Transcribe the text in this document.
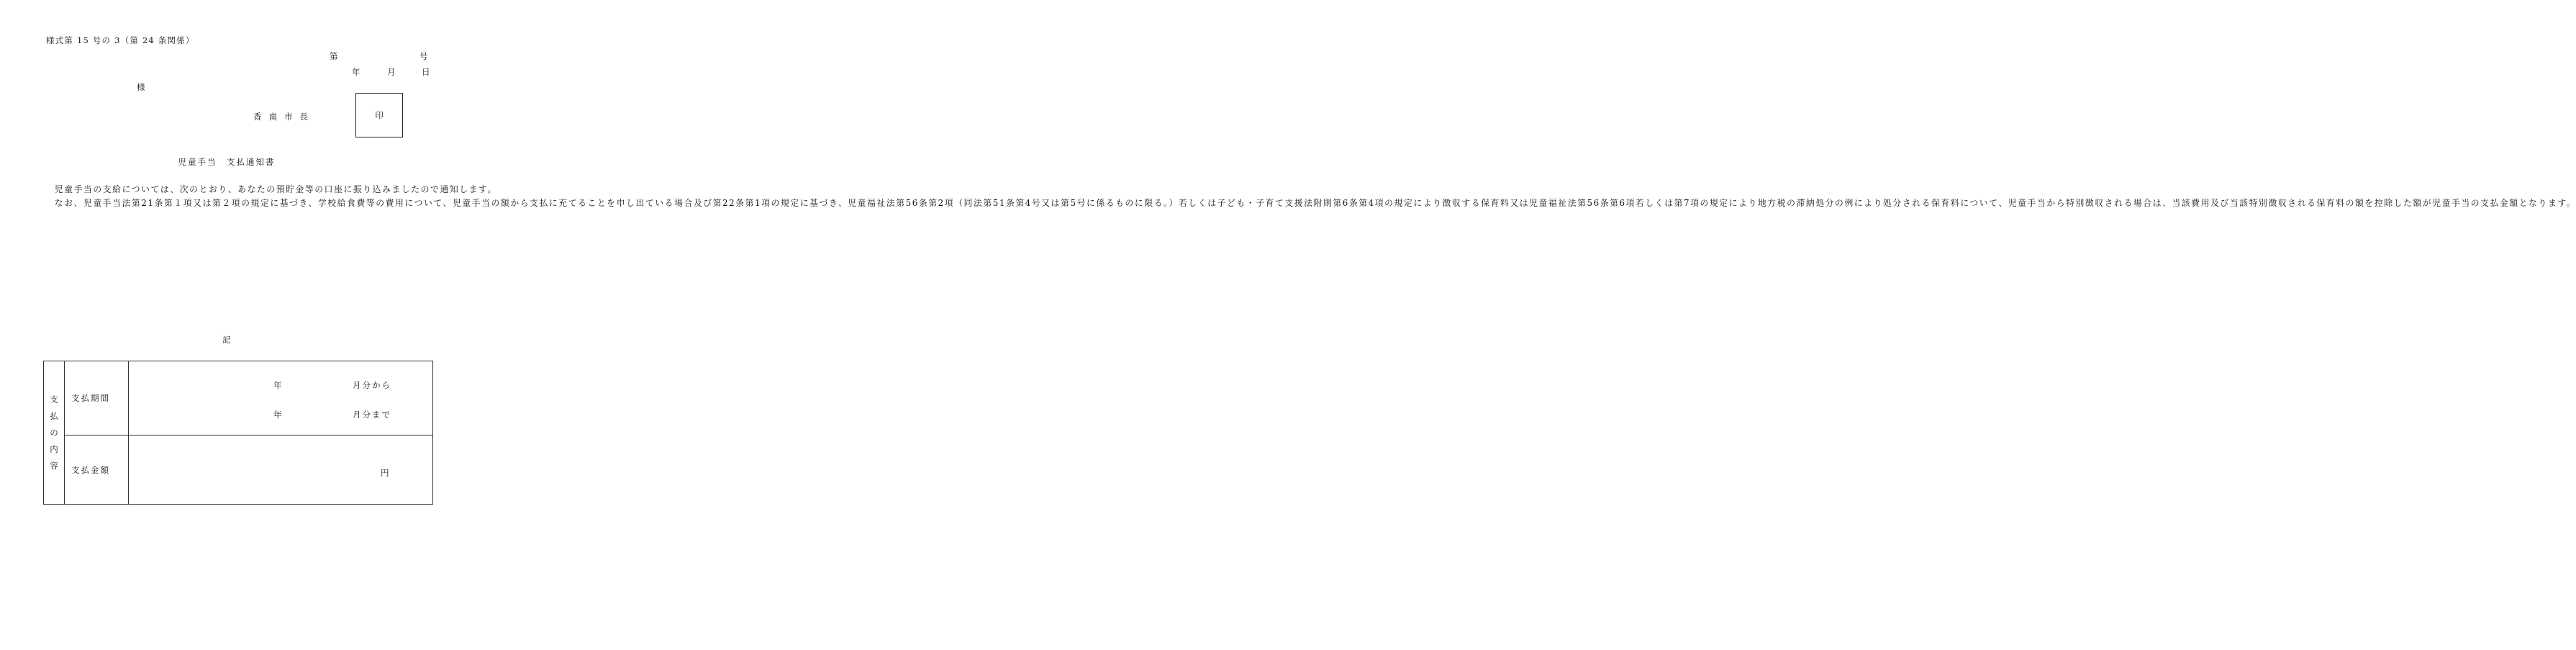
様式第 15 号の 3（第 24 条関係）
第	号
年	月	日
様
香南市長	印
児童手当　支払通知書

児童手当の支給については、次のとおり、あなたの預貯金等の口座に振り込みましたので通知します。

なお、児童手当法第21条第１項又は第２項の規定に基づき、学校給食費等の費用について、児童手当の額から支払に充てることを申し出ている場合及び第22条第1項の規定に基づき、児童福祉法第56条第2項（同法第51条第4号又は第5号に係るものに限る。）若しくは子ども・子育て支援法附則第6条第4項の規定により徴収する保育料又は児童福祉法第56条第6項若しくは第7項の規定により地方税の滞納処分の例により処分される保育料について、児童手当から特別徴収される場合は、当該費用及び当該特別徴収される保育料の額を控除した額が児童手当の支払金額となります。

記
支
払
の
内
容	支払期間	年 月分から
年 月分まで

	支払金額	円
